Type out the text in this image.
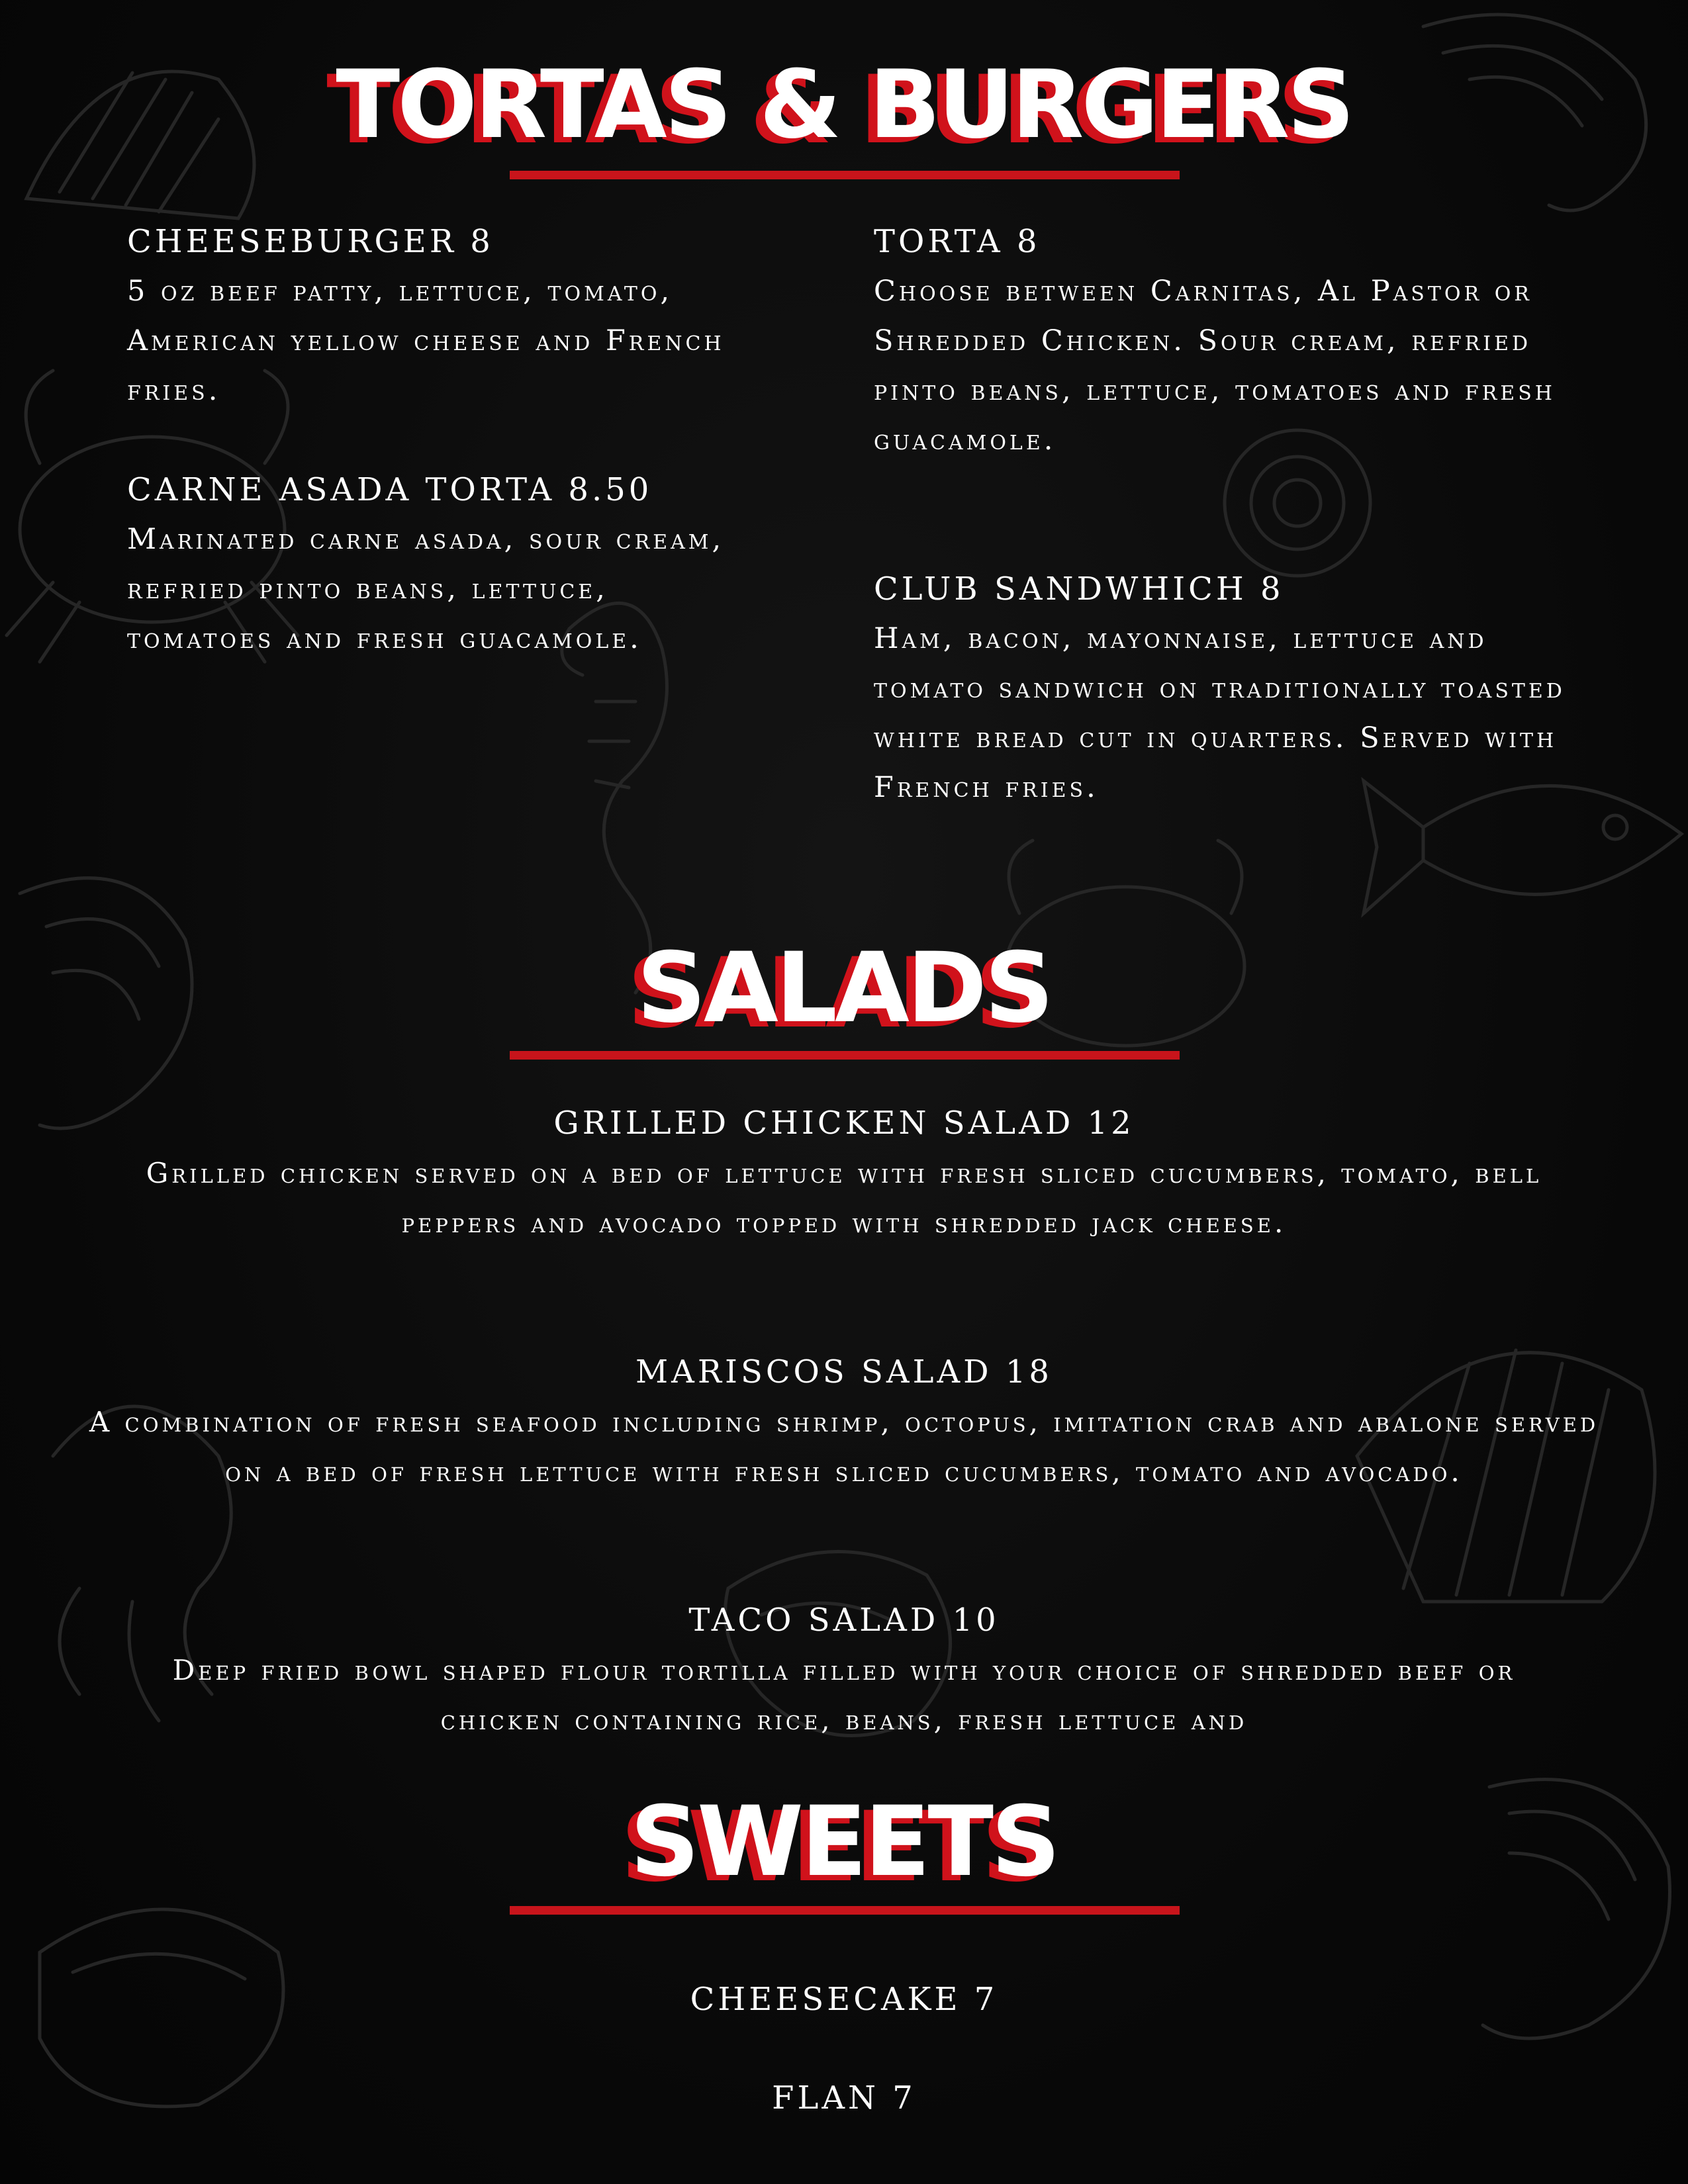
TORTAS & BURGERS

CHEESEBURGER 8

5 oz beef patty, lettuce, tomato, American yellow cheese and French fries.

CARNE ASADA TORTA 8.50

Marinated carne asada, sour cream, refried pinto beans, lettuce, tomatoes and fresh guacamole.

TORTA 8

Choose between Carnitas, Al Pastor or Shredded Chicken. Sour cream, refried pinto beans, lettuce, tomatoes and fresh guacamole.

CLUB SANDWHICH 8

Ham, bacon, mayonnaise, lettuce and tomato sandwich on traditionally toasted white bread cut in quarters. Served with French fries.

SALADS

GRILLED CHICKEN SALAD 12

Grilled chicken served on a bed of lettuce with fresh sliced cucumbers, tomato, bell peppers and avocado topped with shredded jack cheese.

MARISCOS SALAD 18

A combination of fresh seafood including shrimp, octopus, imitation crab and abalone served on a bed of fresh lettuce with fresh sliced cucumbers, tomato and avocado.

TACO SALAD 10

Deep fried bowl shaped flour tortilla filled with your choice of shredded beef or chicken containing rice, beans, fresh lettuce and

SWEETS

CHEESECAKE 7

FLAN 7
